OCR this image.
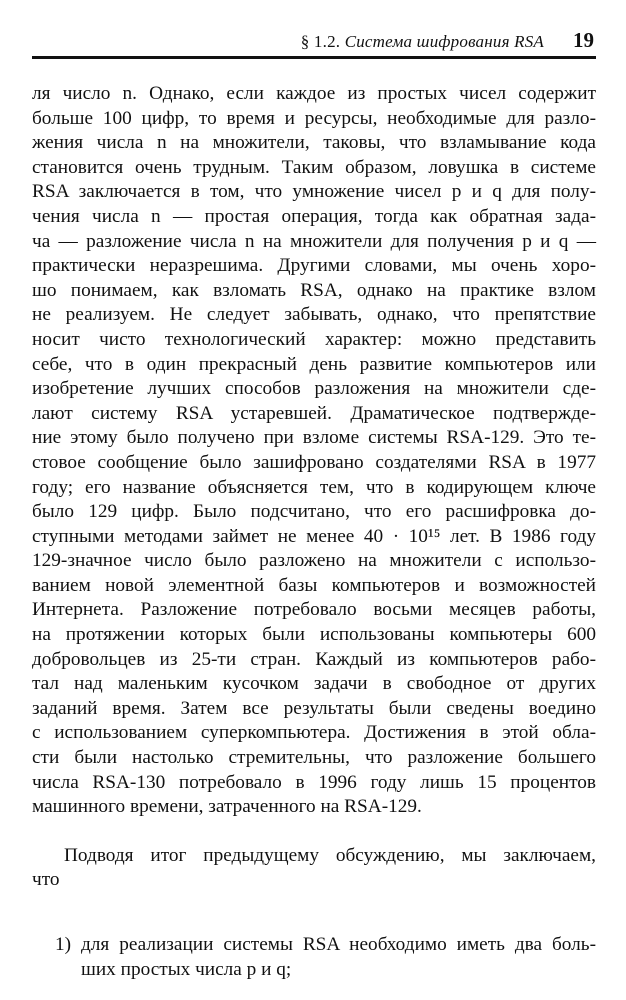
§ 1.2. Система шифрования RSA 19
ля число n. Однако, если каждое из простых чисел содержит
больше 100 цифр, то время и ресурсы, необходимые для разло-
жения числа n на множители, таковы, что взламывание кода
становится очень трудным. Таким образом, ловушка в системе
RSA заключается в том, что умножение чисел p и q для полу-
чения числа n — простая операция, тогда как обратная зада-
ча — разложение числа n на множители для получения p и q —
практически неразрешима. Другими словами, мы очень хоро-
шо понимаем, как взломать RSA, однако на практике взлом
не реализуем. Не следует забывать, однако, что препятствие
носит чисто технологический характер: можно представить
себе, что в один прекрасный день развитие компьютеров или
изобретение лучших способов разложения на множители сде-
лают систему RSA устаревшей. Драматическое подтвержде-
ние этому было получено при взломе системы RSA-129. Это те-
стовое сообщение было зашифровано создателями RSA в 1977
году; его название объясняется тем, что в кодирующем ключе
было 129 цифр. Было подсчитано, что его расшифровка до-
ступными методами займет не менее 40 · 10¹⁵ лет. В 1986 году
129-значное число было разложено на множители с использо-
ванием новой элементной базы компьютеров и возможностей
Интернета. Разложение потребовало восьми месяцев работы,
на протяжении которых были использованы компьютеры 600
добровольцев из 25-ти стран. Каждый из компьютеров рабо-
тал над маленьким кусочком задачи в свободное от других
заданий время. Затем все результаты были сведены воедино
с использованием суперкомпьютера. Достижения в этой обла-
сти были настолько стремительны, что разложение большего
числа RSA-130 потребовало в 1996 году лишь 15 процентов
машинного времени, затраченного на RSA-129.
Подводя итог предыдущему обсуждению, мы заключаем,
что
1) для реализации системы RSA необходимо иметь два боль-
ших простых числа p и q;
